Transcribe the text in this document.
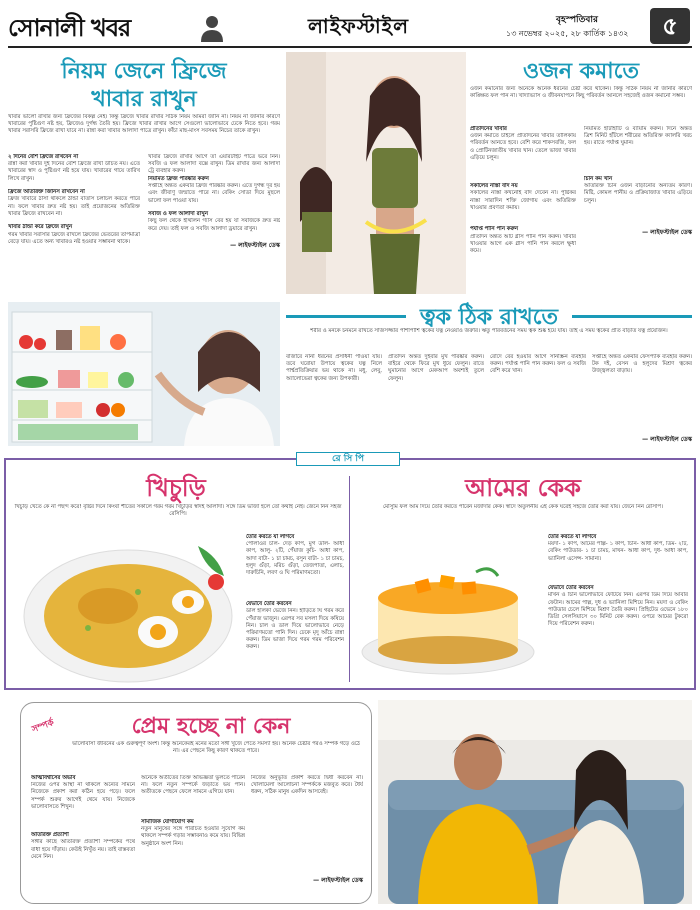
সোনালী খবর	লাইফস্টাইল	বৃহস্পতিবার
১৩ নভেম্বর ২০২৫, ২৮ কার্তিক ১৪৩২	৫
নিয়ম জেনে ফ্রিজে
খাবার রাখুন
খাবার ভালো রাখার জন্য ফ্রিজের বিকল্প নেই। কিন্তু ফ্রিজে খাবার রাখার সঠিক নিয়ম আমরা জানি না। নিয়ম না জানার কারণে খাবারের পুষ্টিগুণ নষ্ট হয়, ফ্রিজেও দুর্গন্ধ তৈরি হয়। ফ্রিজে খাবার রাখার আগে সেগুলো ভালোভাবে ঢেকে নিতে হবে। গরম খাবার সরাসরি ফ্রিজে রাখা যাবে না। রান্না করা খাবার আলাদা পাত্রে রাখুন। কাঁচা মাছ-মাংস সবসময় নিচের তাকে রাখুন।
২ দিনের বেশি ফ্রিজে রাখবেন না
রান্না করা খাবার দুই দিনের বেশি ফ্রিজে রাখা উচিত নয়। এতে খাবারের স্বাদ ও পুষ্টিগুণ নষ্ট হয়ে যায়। খাবারের গায়ে তারিখ লিখে রাখুন।
ফ্রিজে অতিরিক্ত জিনিস রাখবেন না
ফ্রিজ খাবারে ঠাসা থাকলে ঠান্ডা বাতাস চলাচল করতে পারে না। ফলে খাবার দ্রুত নষ্ট হয়। তাই প্রয়োজনের অতিরিক্ত খাবার ফ্রিজে রাখবেন না।
খাবার ঠান্ডা করে ফ্রিজে রাখুন
গরম খাবার সরাসরি ফ্রিজে রাখলে ফ্রিজের ভেতরের তাপমাত্রা বেড়ে যায়। এতে অন্য খাবারও নষ্ট হওয়ার সম্ভাবনা থাকে।
খাবার ফ্রিজে রাখার আগে তা এয়ারটাইট পাত্রে ভরে নিন। সবজি ও ফল আলাদা বক্সে রাখুন। ডিম রাখার জন্য আলাদা ট্রে ব্যবহার করুন।
নিয়মিত ফ্রিজ পরিষ্কার করুন
সপ্তাহে অন্তত একবার ফ্রিজ পরিষ্কার করুন। এতে দুর্গন্ধ দূর হয় এবং জীবাণু জন্মাতে পারে না। বেকিং সোডা দিয়ে মুছলে ভালো ফল পাওয়া যায়।
সবজি ও ফল আলাদা রাখুন
কিছু ফল থেকে ইথিলিন গ্যাস বের হয় যা সবজিকে দ্রুত নষ্ট করে দেয়। তাই ফল ও সবজি আলাদা ড্রয়ারে রাখুন।
— লাইফস্টাইল ডেস্ক
ওজন কমাতে
ওজন কমানোর জন্য অনেকে অনেক ধরনের চেষ্টা করে থাকেন। কিন্তু সঠিক নিয়ম না জানার কারণে কাঙ্ক্ষিত ফল পান না। খাদ্যাভ্যাস ও জীবনযাপনে কিছু পরিবর্তন আনলে সহজেই ওজন কমানো সম্ভব।
প্রতিদিনের খাবার
ওজন কমাতে চাইলে প্রতিদিনের খাবার তালিকায় পরিবর্তন আনতে হবে। বেশি করে শাকসবজি, ফল ও প্রোটিনজাতীয় খাবার খান। তেলে ভাজা খাবার এড়িয়ে চলুন।
সকালের নাস্তা বাদ নয়
সকালের নাস্তা কখনোই বাদ দেবেন না। পুষ্টিকর নাস্তা সারাদিন শক্তি জোগায় এবং অতিরিক্ত খাওয়ার প্রবণতা কমায়।
পর্যাপ্ত পানি পান করুন
প্রতিদিন অন্তত আট গ্লাস পানি পান করুন। খাবার খাওয়ার আগে এক গ্লাস পানি পান করলে ক্ষুধা কমে।
নিয়মিত হাঁটাহাঁটি ও ব্যায়াম করুন। দিনে অন্তত ত্রিশ মিনিট হাঁটলে শরীরের অতিরিক্ত ক্যালরি খরচ হয়। রাতে পর্যাপ্ত ঘুমান।
চিনি কম খান
অতিরিক্ত চিনি ওজন বাড়ানোর অন্যতম কারণ। মিষ্টি, কোমল পানীয় ও প্রক্রিয়াজাত খাবার এড়িয়ে চলুন।
— লাইফস্টাইল ডেস্ক
ত্বক ঠিক রাখতে
শরীর ও মনকে চনমনে রাখতে সাজসজ্জার পাশাপাশি ত্বকের যত্ন নেওয়াও জরুরি। ঋতু পরিবর্তনের সময় ত্বক শুষ্ক হয়ে যায়। তাই এ সময় ত্বকের প্রতি বাড়তি যত্ন প্রয়োজন।
বাজারে নানা ধরনের প্রসাধনী পাওয়া যায়। তবে ঘরোয়া উপায়ে ত্বকের যত্ন নিলে পার্শ্বপ্রতিক্রিয়ার ভয় থাকে না। মধু, লেবু, অ্যালোভেরা ত্বকের জন্য উপকারী।
প্রতিদিন অন্তত দুইবার মুখ পরিষ্কার করুন। বাইরে থেকে ফিরে মুখ ধুয়ে ফেলুন। রাতে ঘুমানোর আগে মেকআপ অবশ্যই তুলে ফেলুন।
রোদে বের হওয়ার আগে সানস্ক্রিন ব্যবহার করুন। পর্যাপ্ত পানি পান করুন। ফল ও সবজি বেশি করে খান।
সপ্তাহে অন্তত একবার ফেসপ্যাক ব্যবহার করুন। টক দই, বেসন ও হলুদের মিশ্রণ ত্বকের উজ্জ্বলতা বাড়ায়।
— লাইফস্টাইল ডেস্ক
রে সি পি
খিচুড়ি
খিচুড়ি খেতে কে না পছন্দ করে! বৃষ্টির দিনে কিংবা শীতের সকালে গরম গরম খিচুড়ির স্বাদই আলাদা। সঙ্গে ডিম ভাজা হলে তো কথাই নেই। জেনে নিন সহজ রেসিপি।
তৈরি করতে যা লাগবে
পোলাওর চাল- দেড় কাপ, মুগ ডাল- আধা কাপ, আলু- ২টি, পেঁয়াজ কুচি- আধা কাপ, আদা বাটা- ১ চা চামচ, রসুন বাটা- ১ চা চামচ, হলুদ গুঁড়া, মরিচ গুঁড়া, তেজপাতা, এলাচ, দারুচিনি, লবণ ও ঘি পরিমাণমতো।
যেভাবে তৈরি করবেন
ডাল হালকা ভেজে নিন। হাঁড়িতে ঘি গরম করে পেঁয়াজ ভাজুন। এরপর সব মসলা দিয়ে কষিয়ে নিন। চাল ও ডাল দিয়ে ভালোভাবে নেড়ে পরিমাণমতো পানি দিন। ঢেকে মৃদু আঁচে রান্না করুন। ডিম ভাজা দিয়ে গরম গরম পরিবেশন করুন।
আমের কেক
মৌসুমি ফল আম দিয়ে তৈরি করতে পারেন মজাদার কেক। স্বাদে অতুলনীয় এই কেক ঘরেই সহজে তৈরি করা যায়। জেনে নিন রেসিপি।
তৈরি করতে যা লাগবে
ময়দা- ১ কাপ, আমের পাল্প- ১ কাপ, চিনি- আধা কাপ, ডিম- ২টি, বেকিং পাউডার- ১ চা চামচ, মাখন- আধা কাপ, দুধ- আধা কাপ, ভ্যানিলা এসেন্স- সামান্য।
যেভাবে তৈরি করবেন
মাখন ও চিনি ভালোভাবে ফেটিয়ে নিন। এরপর ডিম দিয়ে আবার ফেটান। আমের পাল্প, দুধ ও ভ্যানিলা মিশিয়ে নিন। ময়দা ও বেকিং পাউডার চেলে মিশিয়ে মিশ্রণ তৈরি করুন। প্রিহিটেড ওভেনে ১৮০ ডিগ্রি সেলসিয়াসে ৩০ মিনিট বেক করুন। ওপরে আমের টুকরো দিয়ে পরিবেশন করুন।
সম্পর্ক	প্রেম হচ্ছে না কেন
ভালোবাসা জীবনের এক গুরুত্বপূর্ণ অংশ। কিন্তু অনেকেরই মনের মতো সঙ্গী খুঁজে পেতে সমস্যা হয়। অনেক চেষ্টার পরও সম্পর্ক গড়ে ওঠে না। এর পেছনে কিছু কারণ থাকতে পারে।
আত্মবিশ্বাসের অভাব
নিজের ওপর আস্থা না থাকলে অন্যের সামনে নিজেকে প্রকাশ করা কঠিন হয়ে পড়ে। ফলে সম্পর্ক শুরুর আগেই থেমে যায়। নিজেকে ভালোবাসতে শিখুন।
অতিরিক্ত প্রত্যাশা
সঙ্গীর কাছে অতিরিক্ত প্রত্যাশা সম্পর্কের পথে বাধা হয়ে দাঁড়ায়। কেউই নিখুঁত নয়। তাই বাস্তবতা মেনে নিন।
অনেকে অতীতের তিক্ত অভিজ্ঞতা ভুলতে পারেন না। ফলে নতুন সম্পর্কে জড়াতে ভয় পান। অতীতকে পেছনে ফেলে সামনে এগিয়ে যান।
সামাজিক যোগাযোগ কম
নতুন মানুষের সঙ্গে পরিচিত হওয়ার সুযোগ কম থাকলে সম্পর্ক গড়ার সম্ভাবনাও কমে যায়। বিভিন্ন অনুষ্ঠানে অংশ নিন।
নিজের অনুভূতি প্রকাশ করতে দ্বিধা করবেন না। খোলামেলা আলোচনা সম্পর্ককে মজবুত করে। ধৈর্য ধরুন, সঠিক মানুষ একদিন আসবেই।
— লাইফস্টাইল ডেস্ক
